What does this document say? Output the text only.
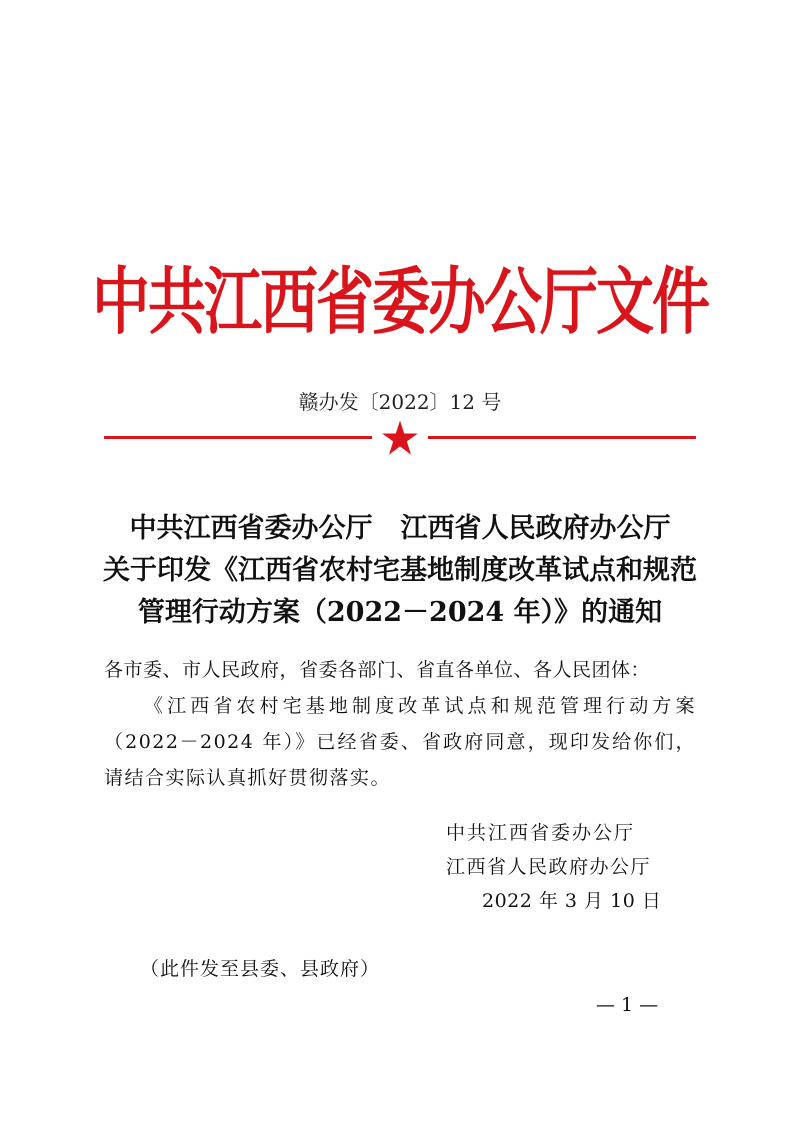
中共江西省委办公厅文件
赣办发〔2022〕12 号
中共江西省委办公厅 江西省人民政府办公厅
关于印发《江西省农村宅基地制度改革试点和规范
管理行动方案（2022－2024 年）》的通知
各市委、市人民政府，省委各部门、省直各单位、各人民团体：
《江西省农村宅基地制度改革试点和规范管理行动方案（2022－2024 年）》已经省委、省政府同意，现印发给你们，请结合实际认真抓好贯彻落实。
中共江西省委办公厅
江西省人民政府办公厅
2022 年 3 月 10 日
（此件发至县委、县政府）
— 1 —
